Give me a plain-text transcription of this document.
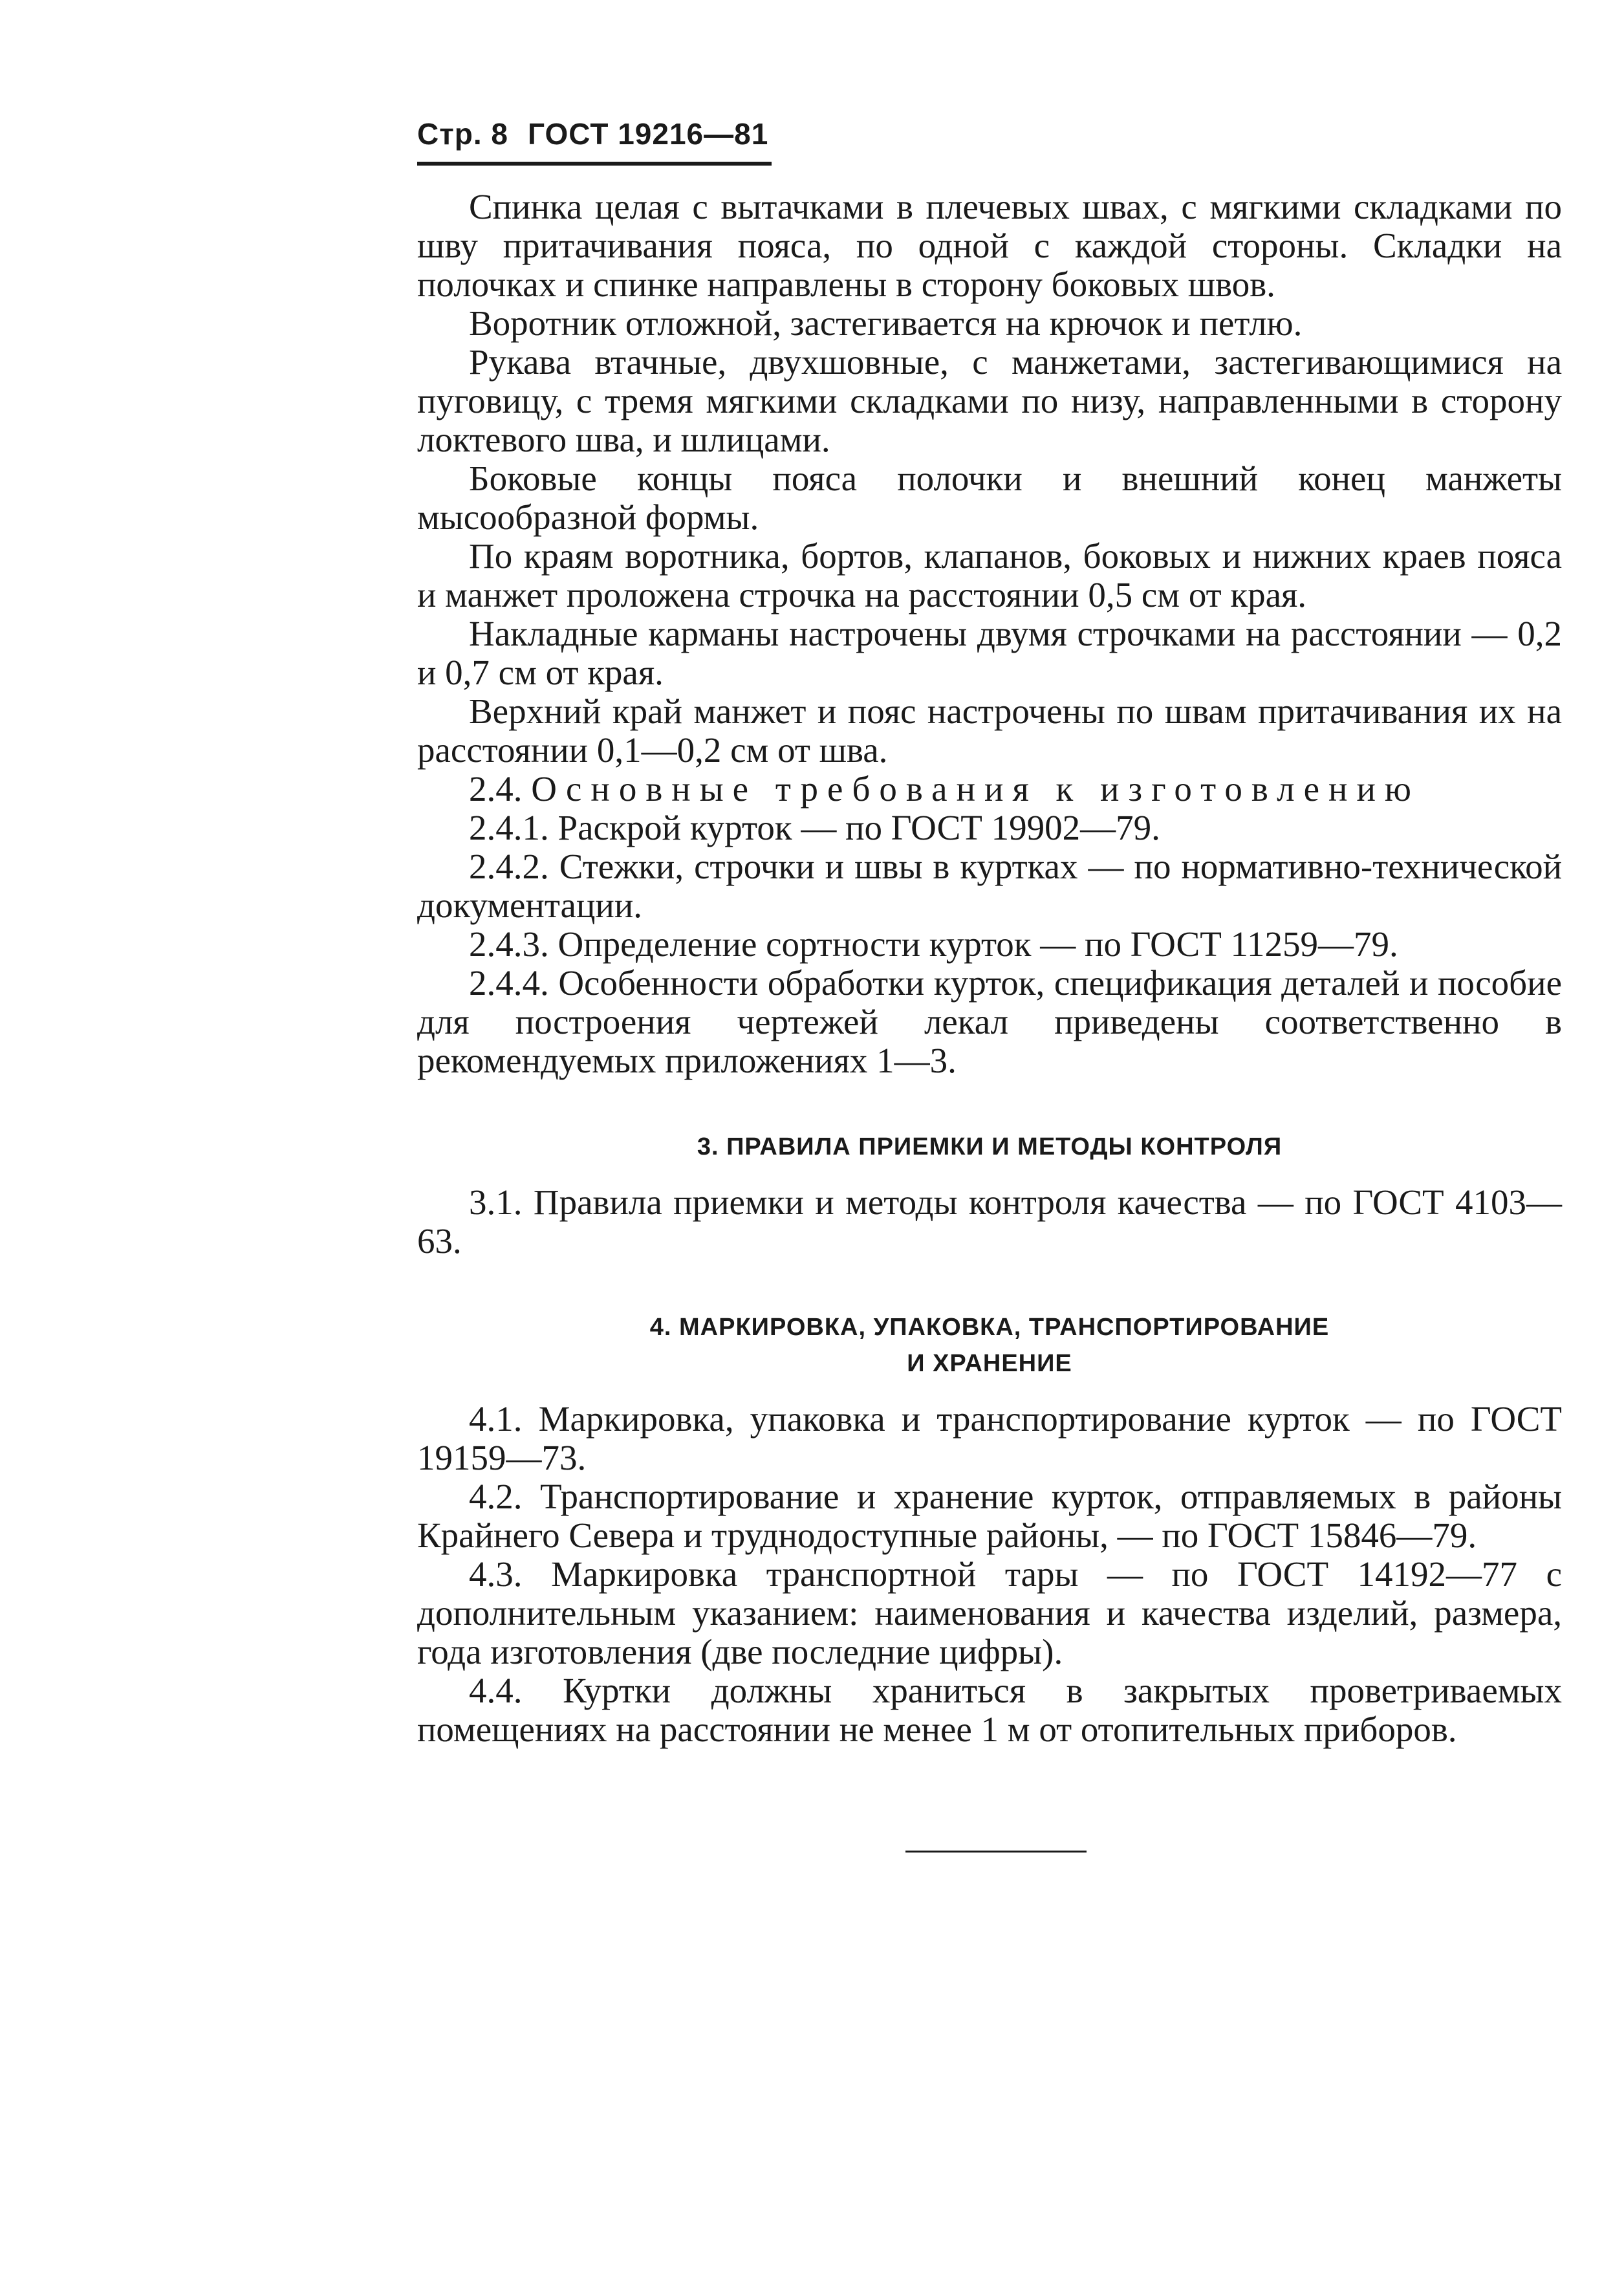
Стр. 8 ГОСТ 19216—81

Спинка целая с вытачками в плечевых швах, с мягкими складками по шву притачивания пояса, по одной с каждой стороны. Складки на полочках и спинке направлены в сторону боковых швов.

Воротник отложной, застегивается на крючок и петлю.

Рукава втачные, двухшовные, с манжетами, застегивающимися на пуговицу, с тремя мягкими складками по низу, направленными в сторону локтевого шва, и шлицами.

Боковые концы пояса полочки и внешний конец манжеты мысообразной формы.

По краям воротника, бортов, клапанов, боковых и нижних краев пояса и манжет проложена строчка на расстоянии 0,5 см от края.

Накладные карманы настрочены двумя строчками на расстоянии — 0,2 и 0,7 см от края.

Верхний край манжет и пояс настрочены по швам притачивания их на расстоянии 0,1—0,2 см от шва.

2.4. Основные требования к изготовлению

2.4.1. Раскрой курток — по ГОСТ 19902—79.

2.4.2. Стежки, строчки и швы в куртках — по нормативно-технической документации.

2.4.3. Определение сортности курток — по ГОСТ 11259—79.

2.4.4. Особенности обработки курток, спецификация деталей и пособие для построения чертежей лекал приведены соответственно в рекомендуемых приложениях 1—3.

3. ПРАВИЛА ПРИЕМКИ И МЕТОДЫ КОНТРОЛЯ

3.1. Правила приемки и методы контроля качества — по ГОСТ 4103—63.

4. МАРКИРОВКА, УПАКОВКА, ТРАНСПОРТИРОВАНИЕ
И ХРАНЕНИЕ

4.1. Маркировка, упаковка и транспортирование курток — по ГОСТ 19159—73.

4.2. Транспортирование и хранение курток, отправляемых в районы Крайнего Севера и труднодоступные районы, — по ГОСТ 15846—79.

4.3. Маркировка транспортной тары — по ГОСТ 14192—77 с дополнительным указанием: наименования и качества изделий, размера, года изготовления (две последние цифры).

4.4. Куртки должны храниться в закрытых проветриваемых помещениях на расстоянии не менее 1 м от отопительных приборов.
